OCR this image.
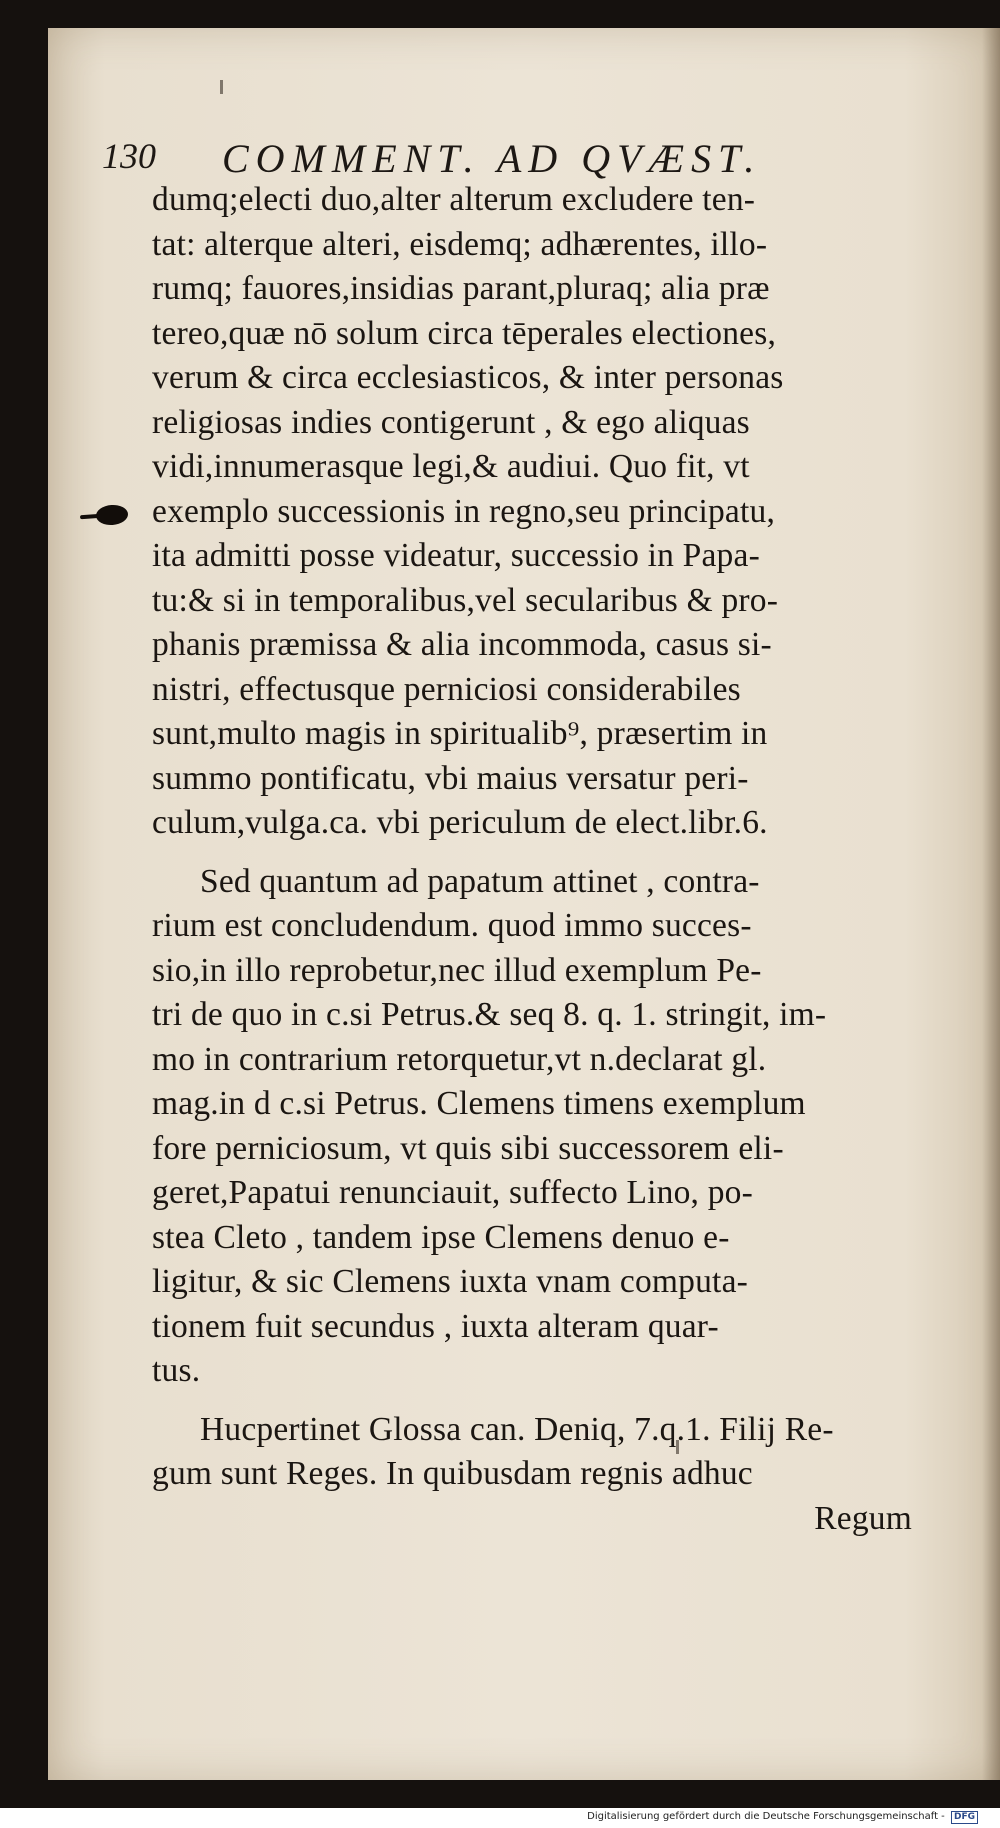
130 COMMENT. AD QVÆST.
dumq;electi duo,alter alterum excludere ten-
tat: alterque alteri, eisdemq; adhærentes, illo-
rumq; fauores,insidias parant,pluraq; alia præ
tereo,quæ nō solum circa tēperales electiones,
verum & circa ecclesiasticos, & inter personas
religiosas indies contigerunt , & ego aliquas
vidi,innumerasque legi,& audiui. Quo fit, vt
exemplo successionis in regno,seu principatu,
ita admitti posse videatur, successio in Papa-
tu:& si in temporalibus,vel secularibus & pro-
phanis præmissa & alia incommoda, casus si-
nistri, effectusque perniciosi considerabiles
sunt,multo magis in spiritualib⁹, præsertim in
summo pontificatu, vbi maius versatur peri-
culum,vulga.ca. vbi periculum de elect.libr.6.
Sed quantum ad papatum attinet , contra-
rium est concludendum. quod immo succes-
sio,in illo reprobetur,nec illud exemplum Pe-
tri de quo in c.si Petrus.& seq 8. q. 1. stringit, im-
mo in contrarium retorquetur,vt n.declarat gl.
mag.in d c.si Petrus. Clemens timens exemplum
fore perniciosum, vt quis sibi successorem eli-
geret,Papatui renunciauit, suffecto Lino, po-
stea Cleto , tandem ipse Clemens denuo e-
ligitur, & sic Clemens iuxta vnam computa-
tionem fuit secundus , iuxta alteram quar-
tus.
Hucpertinet Glossa can. Deniq, 7.q.1. Filij Re-
gum sunt Reges. In quibusdam regnis adhuc
Regum
Digitalisierung gefördert durch die Deutsche Forschungsgemeinschaft - DFG
